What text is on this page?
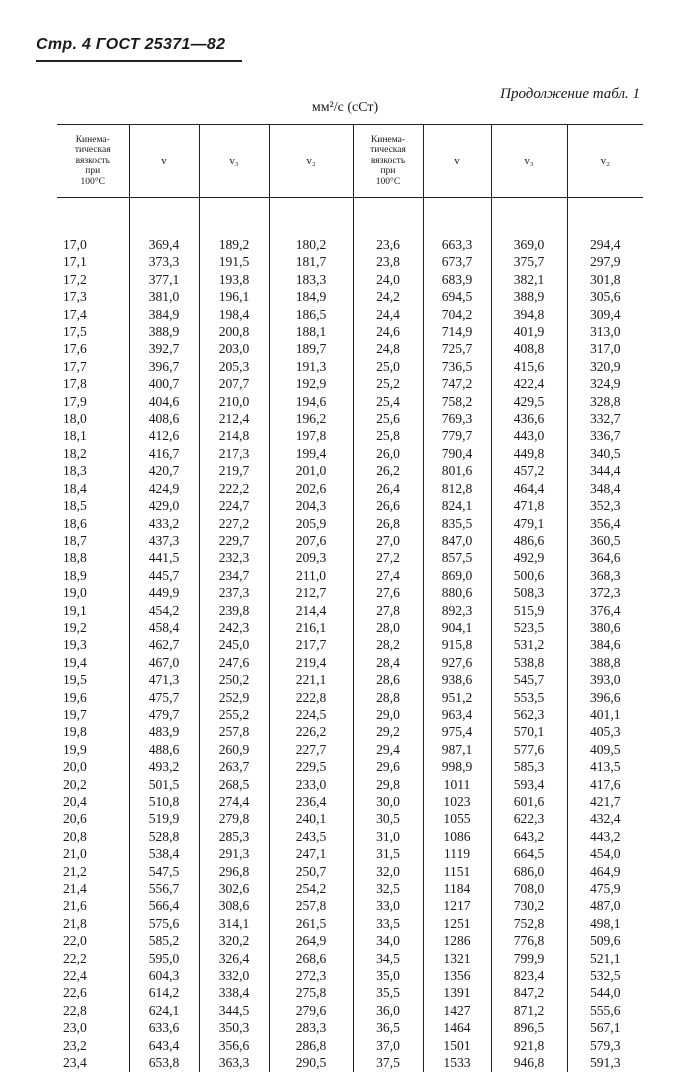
Стр. 4 ГОСТ 25371—82
Продолжение табл. 1
мм²/с (сСт)
Кинема-
тическая
вязкость
при
100°С	v	v₃	v₂	Кинема-
тическая
вязкость
при
100°С	v	v₃	v₂

17,0	369,4	189,2	180,2	23,6	663,3	369,0	294,4
17,1	373,3	191,5	181,7	23,8	673,7	375,7	297,9
17,2	377,1	193,8	183,3	24,0	683,9	382,1	301,8
17,3	381,0	196,1	184,9	24,2	694,5	388,9	305,6
17,4	384,9	198,4	186,5	24,4	704,2	394,8	309,4
17,5	388,9	200,8	188,1	24,6	714,9	401,9	313,0
17,6	392,7	203,0	189,7	24,8	725,7	408,8	317,0
17,7	396,7	205,3	191,3	25,0	736,5	415,6	320,9
17,8	400,7	207,7	192,9	25,2	747,2	422,4	324,9
17,9	404,6	210,0	194,6	25,4	758,2	429,5	328,8
18,0	408,6	212,4	196,2	25,6	769,3	436,6	332,7
18,1	412,6	214,8	197,8	25,8	779,7	443,0	336,7
18,2	416,7	217,3	199,4	26,0	790,4	449,8	340,5
18,3	420,7	219,7	201,0	26,2	801,6	457,2	344,4
18,4	424,9	222,2	202,6	26,4	812,8	464,4	348,4
18,5	429,0	224,7	204,3	26,6	824,1	471,8	352,3
18,6	433,2	227,2	205,9	26,8	835,5	479,1	356,4
18,7	437,3	229,7	207,6	27,0	847,0	486,6	360,5
18,8	441,5	232,3	209,3	27,2	857,5	492,9	364,6
18,9	445,7	234,7	211,0	27,4	869,0	500,6	368,3
19,0	449,9	237,3	212,7	27,6	880,6	508,3	372,3
19,1	454,2	239,8	214,4	27,8	892,3	515,9	376,4
19,2	458,4	242,3	216,1	28,0	904,1	523,5	380,6
19,3	462,7	245,0	217,7	28,2	915,8	531,2	384,6
19,4	467,0	247,6	219,4	28,4	927,6	538,8	388,8
19,5	471,3	250,2	221,1	28,6	938,6	545,7	393,0
19,6	475,7	252,9	222,8	28,8	951,2	553,5	396,6
19,7	479,7	255,2	224,5	29,0	963,4	562,3	401,1
19,8	483,9	257,8	226,2	29,2	975,4	570,1	405,3
19,9	488,6	260,9	227,7	29,4	987,1	577,6	409,5
20,0	493,2	263,7	229,5	29,6	998,9	585,3	413,5
20,2	501,5	268,5	233,0	29,8	1011	593,4	417,6
20,4	510,8	274,4	236,4	30,0	1023	601,6	421,7
20,6	519,9	279,8	240,1	30,5	1055	622,3	432,4
20,8	528,8	285,3	243,5	31,0	1086	643,2	443,2
21,0	538,4	291,3	247,1	31,5	1119	664,5	454,0
21,2	547,5	296,8	250,7	32,0	1151	686,0	464,9
21,4	556,7	302,6	254,2	32,5	1184	708,0	475,9
21,6	566,4	308,6	257,8	33,0	1217	730,2	487,0
21,8	575,6	314,1	261,5	33,5	1251	752,8	498,1
22,0	585,2	320,2	264,9	34,0	1286	776,8	509,6
22,2	595,0	326,4	268,6	34,5	1321	799,9	521,1
22,4	604,3	332,0	272,3	35,0	1356	823,4	532,5
22,6	614,2	338,4	275,8	35,5	1391	847,2	544,0
22,8	624,1	344,5	279,6	36,0	1427	871,2	555,6
23,0	633,6	350,3	283,3	36,5	1464	896,5	567,1
23,2	643,4	356,6	286,8	37,0	1501	921,8	579,3
23,4	653,8	363,3	290,5	37,5	1533	946,8	591,3
